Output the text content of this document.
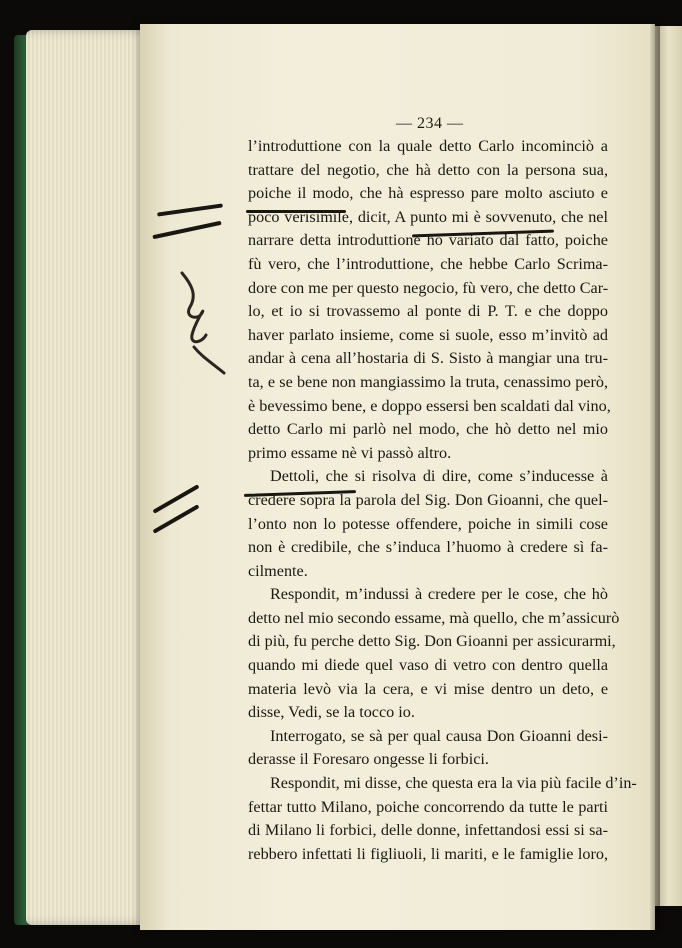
— 234 —
l’introduttione con la quale detto Carlo incominciò a
trattare del negotio, che hà detto con la persona sua,
poiche il modo, che hà espresso pare molto asciuto e
poco verisimile, dicit, A punto mi è sovvenuto, che nel
narrare detta introduttione hò variato dal fatto, poiche
fù vero, che l’introduttione, che hebbe Carlo Scrima-
dore con me per questo negocio, fù vero, che detto Car-
lo, et io si trovassemo al ponte di P. T. e che doppo
haver parlato insieme, come si suole, esso m’invitò ad
andar à cena all’hostaria di S. Sisto à mangiar una tru-
ta, e se bene non mangiassimo la truta, cenassimo però,
è bevessimo bene, e doppo essersi ben scaldati dal vino,
detto Carlo mi parlò nel modo, che hò detto nel mio
primo essame nè vi passò altro.
Dettoli, che si risolva di dire, come s’inducesse à
credere sopra la parola del Sig. Don Gioanni, che quel-
l’onto non lo potesse offendere, poiche in simili cose
non è credibile, che s’induca l’huomo à credere sì fa-
cilmente.
Respondit, m’indussi à credere per le cose, che hò
detto nel mio secondo essame, mà quello, che m’assicurò
di più, fu perche detto Sig. Don Gioanni per assicurarmi,
quando mi diede quel vaso di vetro con dentro quella
materia levò via la cera, e vi mise dentro un deto, e
disse, Vedi, se la tocco io.
Interrogato, se sà per qual causa Don Gioanni desi-
derasse il Foresaro ongesse li forbici.
Respondit, mi disse, che questa era la via più facile d’in-
fettar tutto Milano, poiche concorrendo da tutte le parti
di Milano li forbici, delle donne, infettandosi essi si sa-
rebbero infettati li figliuoli, li mariti, e le famiglie loro,
